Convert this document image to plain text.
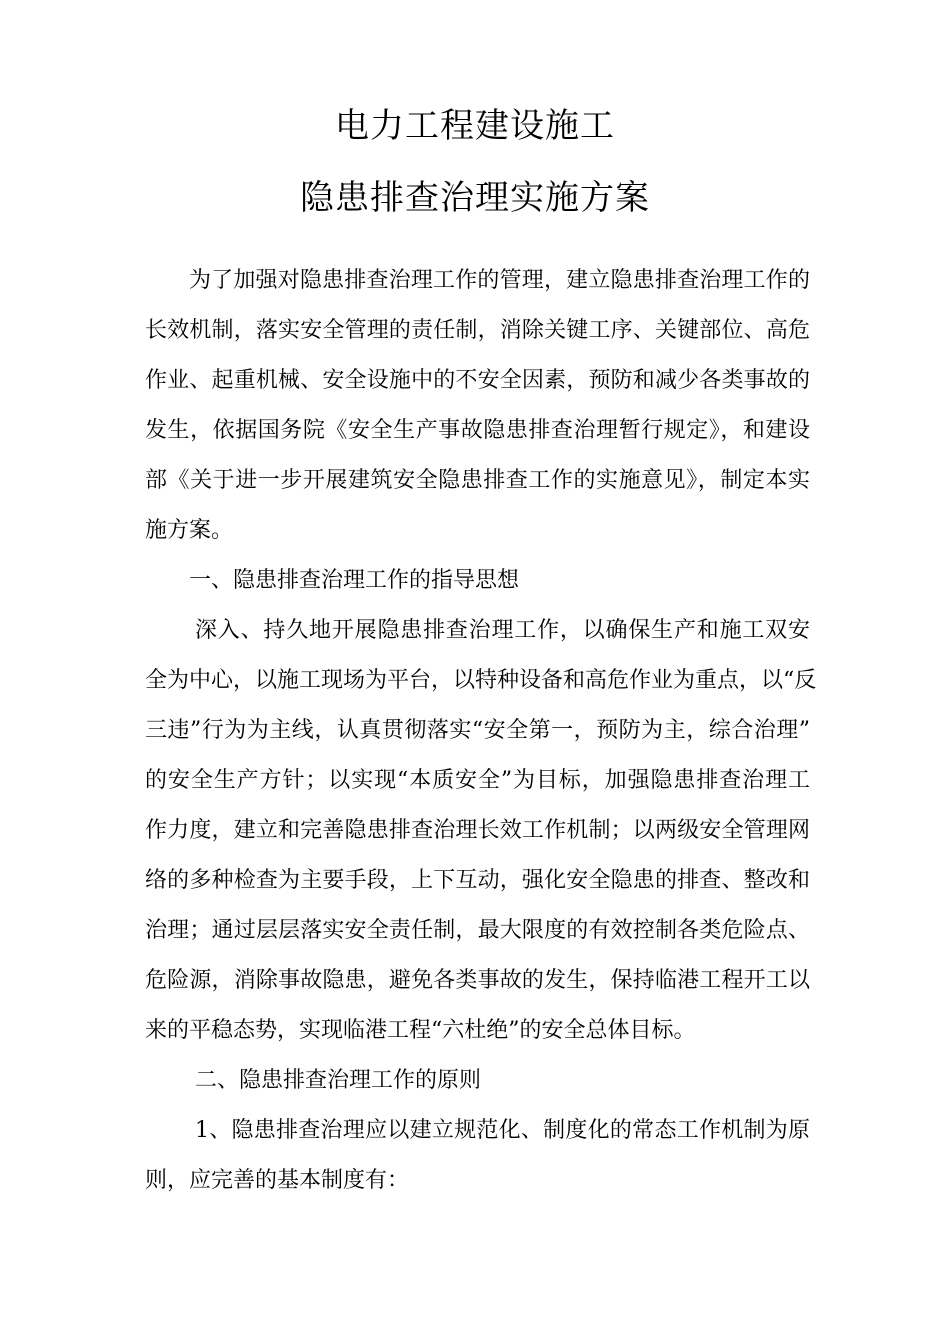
电力工程建设施工
隐患排查治理实施方案
为了加强对隐患排查治理工作的管理，建立隐患排查治理工作的
长效机制，落实安全管理的责任制，消除关键工序、关键部位、高危
作业、起重机械、安全设施中的不安全因素，预防和减少各类事故的
发生，依据国务院《安全生产事故隐患排查治理暂行规定》，和建设
部《关于进一步开展建筑安全隐患排查工作的实施意见》，制定本实
施方案。
一、隐患排查治理工作的指导思想
深入、持久地开展隐患排查治理工作，以确保生产和施工双安
全为中心，以施工现场为平台，以特种设备和高危作业为重点，以“反
三违”行为为主线，认真贯彻落实“安全第一，预防为主，综合治理”
的安全生产方针；以实现“本质安全”为目标，加强隐患排查治理工
作力度，建立和完善隐患排查治理长效工作机制；以两级安全管理网
络的多种检查为主要手段，上下互动，强化安全隐患的排查、整改和
治理；通过层层落实安全责任制，最大限度的有效控制各类危险点、
危险源，消除事故隐患，避免各类事故的发生，保持临港工程开工以
来的平稳态势，实现临港工程“六杜绝”的安全总体目标。
二、隐患排查治理工作的原则
1、隐患排查治理应以建立规范化、制度化的常态工作机制为原
则，应完善的基本制度有：
